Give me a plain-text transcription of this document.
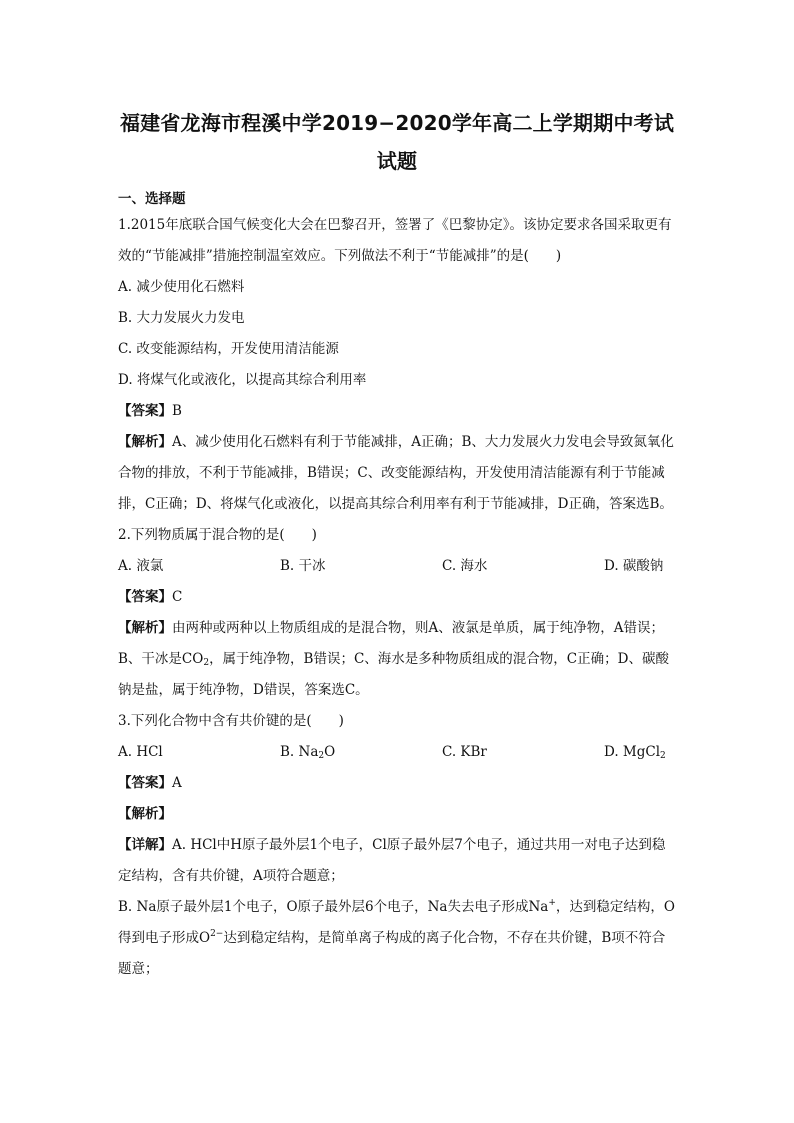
福建省龙海市程溪中学2019−2020学年高二上学期期中考试
试题
一、选择题

1.2015年底联合国气候变化大会在巴黎召开，签署了《巴黎协定》。该协定要求各国采取更有效的“节能减排”措施控制温室效应。下列做法不利于“节能减排”的是(　　)

A. 减少使用化石燃料

B. 大力发展火力发电

C. 改变能源结构，开发使用清洁能源

D. 将煤气化或液化，以提高其综合利用率

【答案】B

【解析】A、减少使用化石燃料有利于节能减排，A正确；B、大力发展火力发电会导致氮氧化合物的排放，不利于节能减排，B错误；C、改变能源结构，开发使用清洁能源有利于节能减排，C正确；D、将煤气化或液化，以提高其综合利用率有利于节能减排，D正确，答案选B。

2.下列物质属于混合物的是(　　)

A. 液氯	B. 干冰	C. 海水	D. 碳酸钠

【答案】C

【解析】由两种或两种以上物质组成的是混合物，则A、液氯是单质，属于纯净物，A错误；B、干冰是$CO_2$，属于纯净物，B错误；C、海水是多种物质组成的混合物，C正确；D、碳酸钠是盐，属于纯净物，D错误，答案选C。

3.下列化合物中含有共价键的是(　　)

A. HCl	B. $Na_2O$	C. KBr	D. MgCl$_2$

【答案】A

【解析】

【详解】A. HCl中H原子最外层1个电子，Cl原子最外层7个电子，通过共用一对电子达到稳定结构，含有共价键，A项符合题意；

B. Na原子最外层1个电子，O原子最外层6个电子，Na失去电子形成Na+，达到稳定结构，O得到电子形成$O^{2-}$达到稳定结构，是简单离子构成的离子化合物，不存在共价键，B项不符合题意；
